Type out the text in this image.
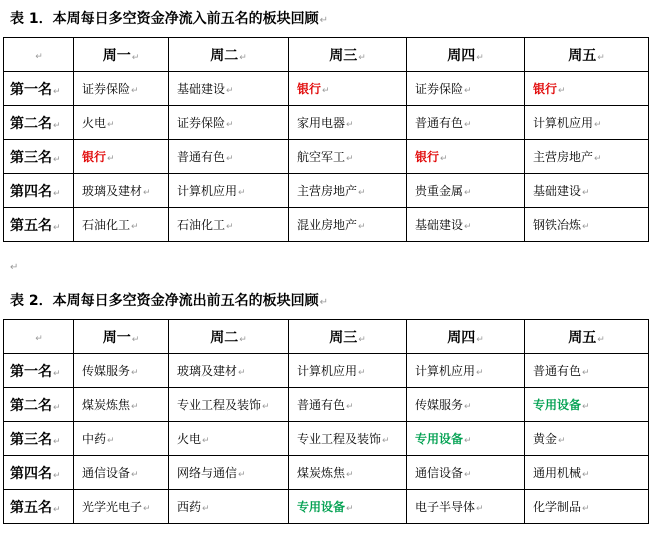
表 1．本周每日多空资金净流入前五名的板块回顾↵
↵	周一↵	周二↵	周三↵	周四↵	周五↵
第一名↵	证券保险↵	基础建设↵	银行↵	证券保险↵	银行↵
第二名↵	火电↵	证券保险↵	家用电器↵	普通有色↵	计算机应用↵
第三名↵	银行↵	普通有色↵	航空军工↵	银行↵	主营房地产↵
第四名↵	玻璃及建材↵	计算机应用↵	主营房地产↵	贵重金属↵	基础建设↵
第五名↵	石油化工↵	石油化工↵	混业房地产↵	基础建设↵	钢铁冶炼↵
↵
表 2．本周每日多空资金净流出前五名的板块回顾↵
↵	周一↵	周二↵	周三↵	周四↵	周五↵
第一名↵	传媒服务↵	玻璃及建材↵	计算机应用↵	计算机应用↵	普通有色↵
第二名↵	煤炭炼焦↵	专业工程及装饰↵	普通有色↵	传媒服务↵	专用设备↵
第三名↵	中药↵	火电↵	专业工程及装饰↵	专用设备↵	黄金↵
第四名↵	通信设备↵	网络与通信↵	煤炭炼焦↵	通信设备↵	通用机械↵
第五名↵	光学光电子↵	西药↵	专用设备↵	电子半导体↵	化学制品↵
